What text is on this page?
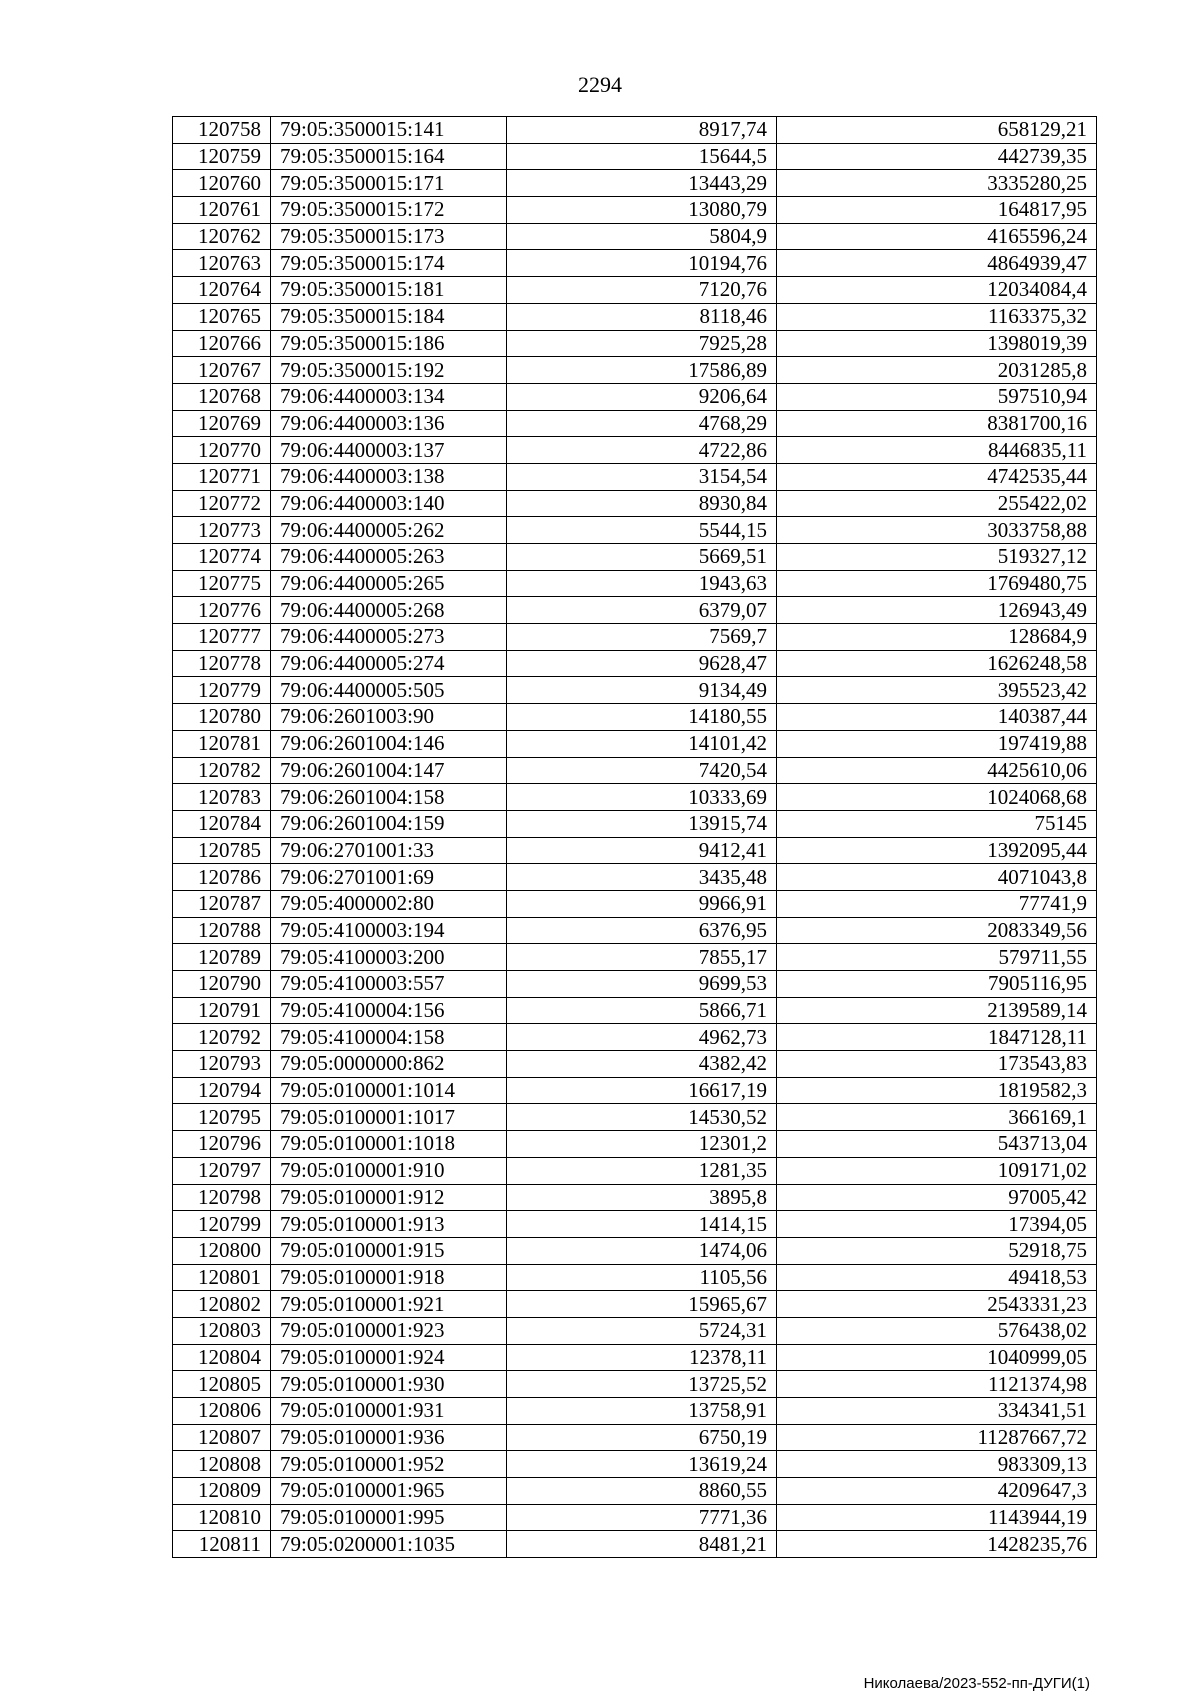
2294
120758	79:05:3500015:141	8917,74	658129,21
120759	79:05:3500015:164	15644,5	442739,35
120760	79:05:3500015:171	13443,29	3335280,25
120761	79:05:3500015:172	13080,79	164817,95
120762	79:05:3500015:173	5804,9	4165596,24
120763	79:05:3500015:174	10194,76	4864939,47
120764	79:05:3500015:181	7120,76	12034084,4
120765	79:05:3500015:184	8118,46	1163375,32
120766	79:05:3500015:186	7925,28	1398019,39
120767	79:05:3500015:192	17586,89	2031285,8
120768	79:06:4400003:134	9206,64	597510,94
120769	79:06:4400003:136	4768,29	8381700,16
120770	79:06:4400003:137	4722,86	8446835,11
120771	79:06:4400003:138	3154,54	4742535,44
120772	79:06:4400003:140	8930,84	255422,02
120773	79:06:4400005:262	5544,15	3033758,88
120774	79:06:4400005:263	5669,51	519327,12
120775	79:06:4400005:265	1943,63	1769480,75
120776	79:06:4400005:268	6379,07	126943,49
120777	79:06:4400005:273	7569,7	128684,9
120778	79:06:4400005:274	9628,47	1626248,58
120779	79:06:4400005:505	9134,49	395523,42
120780	79:06:2601003:90	14180,55	140387,44
120781	79:06:2601004:146	14101,42	197419,88
120782	79:06:2601004:147	7420,54	4425610,06
120783	79:06:2601004:158	10333,69	1024068,68
120784	79:06:2601004:159	13915,74	75145
120785	79:06:2701001:33	9412,41	1392095,44
120786	79:06:2701001:69	3435,48	4071043,8
120787	79:05:4000002:80	9966,91	77741,9
120788	79:05:4100003:194	6376,95	2083349,56
120789	79:05:4100003:200	7855,17	579711,55
120790	79:05:4100003:557	9699,53	7905116,95
120791	79:05:4100004:156	5866,71	2139589,14
120792	79:05:4100004:158	4962,73	1847128,11
120793	79:05:0000000:862	4382,42	173543,83
120794	79:05:0100001:1014	16617,19	1819582,3
120795	79:05:0100001:1017	14530,52	366169,1
120796	79:05:0100001:1018	12301,2	543713,04
120797	79:05:0100001:910	1281,35	109171,02
120798	79:05:0100001:912	3895,8	97005,42
120799	79:05:0100001:913	1414,15	17394,05
120800	79:05:0100001:915	1474,06	52918,75
120801	79:05:0100001:918	1105,56	49418,53
120802	79:05:0100001:921	15965,67	2543331,23
120803	79:05:0100001:923	5724,31	576438,02
120804	79:05:0100001:924	12378,11	1040999,05
120805	79:05:0100001:930	13725,52	1121374,98
120806	79:05:0100001:931	13758,91	334341,51
120807	79:05:0100001:936	6750,19	11287667,72
120808	79:05:0100001:952	13619,24	983309,13
120809	79:05:0100001:965	8860,55	4209647,3
120810	79:05:0100001:995	7771,36	1143944,19
120811	79:05:0200001:1035	8481,21	1428235,76
Николаева/2023-552-пп-ДУГИ(1)
